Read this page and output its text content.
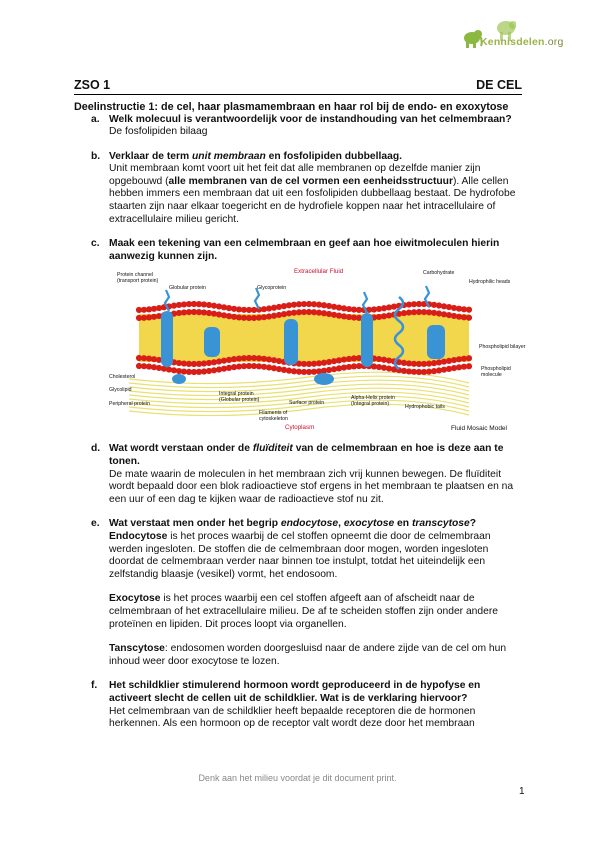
Kennisdelen.org
ZSO 1	DE CEL

Deelinstructie 1: de cel, haar plasmamembraan en haar rol bij de endo- en exoxytose

a. Welk molecuul is verantwoordelijk voor de instandhouding van het celmembraan?

De fosfolipiden bilaag

b. Verklaar de term unit membraan en fosfolipiden dubbellaag.

Unit membraan komt voort uit het feit dat alle membranen op dezelfde manier zijn opgebouwd (alle membranen van de cel vormen een eenheidsstructuur). Alle cellen hebben immers een membraan dat uit een fosfolipiden dubbellaag bestaat. De hydrofobe staarten zijn naar elkaar toegericht en de hydrofiele koppen naar het intracellulaire of extracellulaire milieu gericht.

c. Maak een tekening van een celmembraan en geef aan hoe eiwitmoleculen hierin aanwezig kunnen zijn.

Extracellular Fluid
Protein channel
(transport protein)
Globular protein	Glycoprotein
Carbohydrate
Hydrophilic heads
Phospholipid bilayer
Phospholipid
molecule
Cholesterol
Glycolipid
Peripheral protein
Integral protein
(Globular protein)	Surface protein
Filaments of
cytoskeleton
Alpha-Helix protein
(Integral protein)	Hydrophobic tails
Cytoplasm	Fluid Mosaic Model
d. Wat wordt verstaan onder de fluïditeit van de celmembraan en hoe is deze aan te tonen.

De mate waarin de moleculen in het membraan zich vrij kunnen bewegen. De fluïditeit wordt bepaald door een blok radioactieve stof ergens in het membraan te plaatsen en na een uur of een dag te kijken waar de radioactieve stof nu zit.

e. Wat verstaat men onder het begrip endocytose, exocytose en transcytose?

Endocytose is het proces waarbij de cel stoffen opneemt die door de celmembraan werden ingesloten. De stoffen die de celmembraan door mogen, worden ingesloten doordat de celmembraan verder naar binnen toe instulpt, totdat het uiteindelijk een zelfstandig blaasje (vesikel) vormt, het endosoom.

Exocytose is het proces waarbij een cel stoffen afgeeft aan of afscheidt naar de celmembraan of het extracellulaire milieu. De af te scheiden stoffen zijn onder andere proteïnen en lipiden. Dit proces loopt via organellen.

Tanscytose: endosomen worden doorgesluisd naar de andere zijde van de cel om hun inhoud weer door exocytose te lozen.

f. Het schildklier stimulerend hormoon wordt geproduceerd in de hypofyse en activeert slecht de cellen uit de schildklier. Wat is de verklaring hiervoor?

Het celmembraan van de schildklier heeft bepaalde receptoren die de hormonen herkennen. Als een hormoon op de receptor valt wordt deze door het membraan

Denk aan het milieu voordat je dit document print.
1
